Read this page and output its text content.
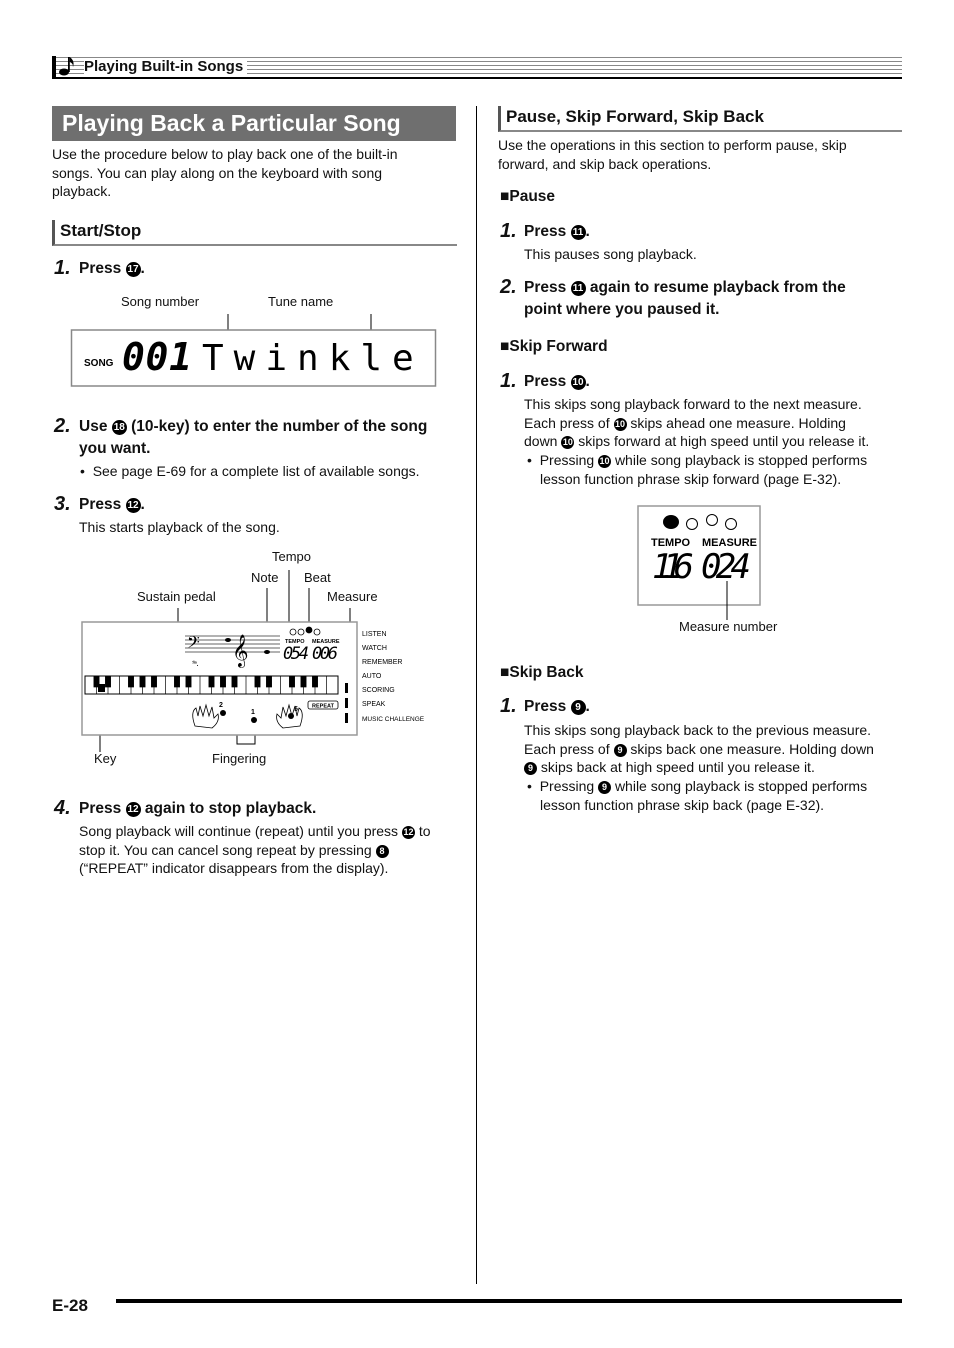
Playing Built-in Songs
Playing Back a Particular Song
Use the procedure below to play back one of the built-in
songs. You can play along on the keyboard with song
playback.
Start/Stop
1. Press 17 .
Song number	Tune name
SONG 001 Twinkle
2. Use 18 (10-key) to enter the number of the song
you want.
•  See page E-69 for a complete list of available songs.
3. Press 12 .
This starts playback of the song.
Tempo
Note Beat
Sustain pedal	Measure
Key	Fingering
𝄢 𝄞
𝆮.
TEMPO MEASURE
054 006
2
1	5	REPEAT
LISTEN
WATCH
REMEMBER
AUTO
SCORING
SPEAK
MUSIC CHALLENGE
4. Press 12 again to stop playback.
Song playback will continue (repeat) until you press 12 to
stop it. You can cancel song repeat by pressing 8
(“REPEAT” indicator disappears from the display).
Pause, Skip Forward, Skip Back
Use the operations in this section to perform pause, skip
forward, and skip back operations.
■Pause
1. Press 11 .
This pauses song playback.
2. Press 11 again to resume playback from the
point where you paused it.
■Skip Forward
1. Press 10 .
This skips song playback forward to the next measure.
Each press of 10 skips ahead one measure. Holding
down 10 skips forward at high speed until you release it.
•  Pressing 10 while song playback is stopped performs
lesson function phrase skip forward (page E-32).
TEMPO MEASURE
116 024
Measure number
■Skip Back
1. Press 9 .
This skips song playback back to the previous measure.
Each press of 9 skips back one measure. Holding down
9 skips back at high speed until you release it.
•  Pressing 9 while song playback is stopped performs
lesson function phrase skip back (page E-32).
E-28
